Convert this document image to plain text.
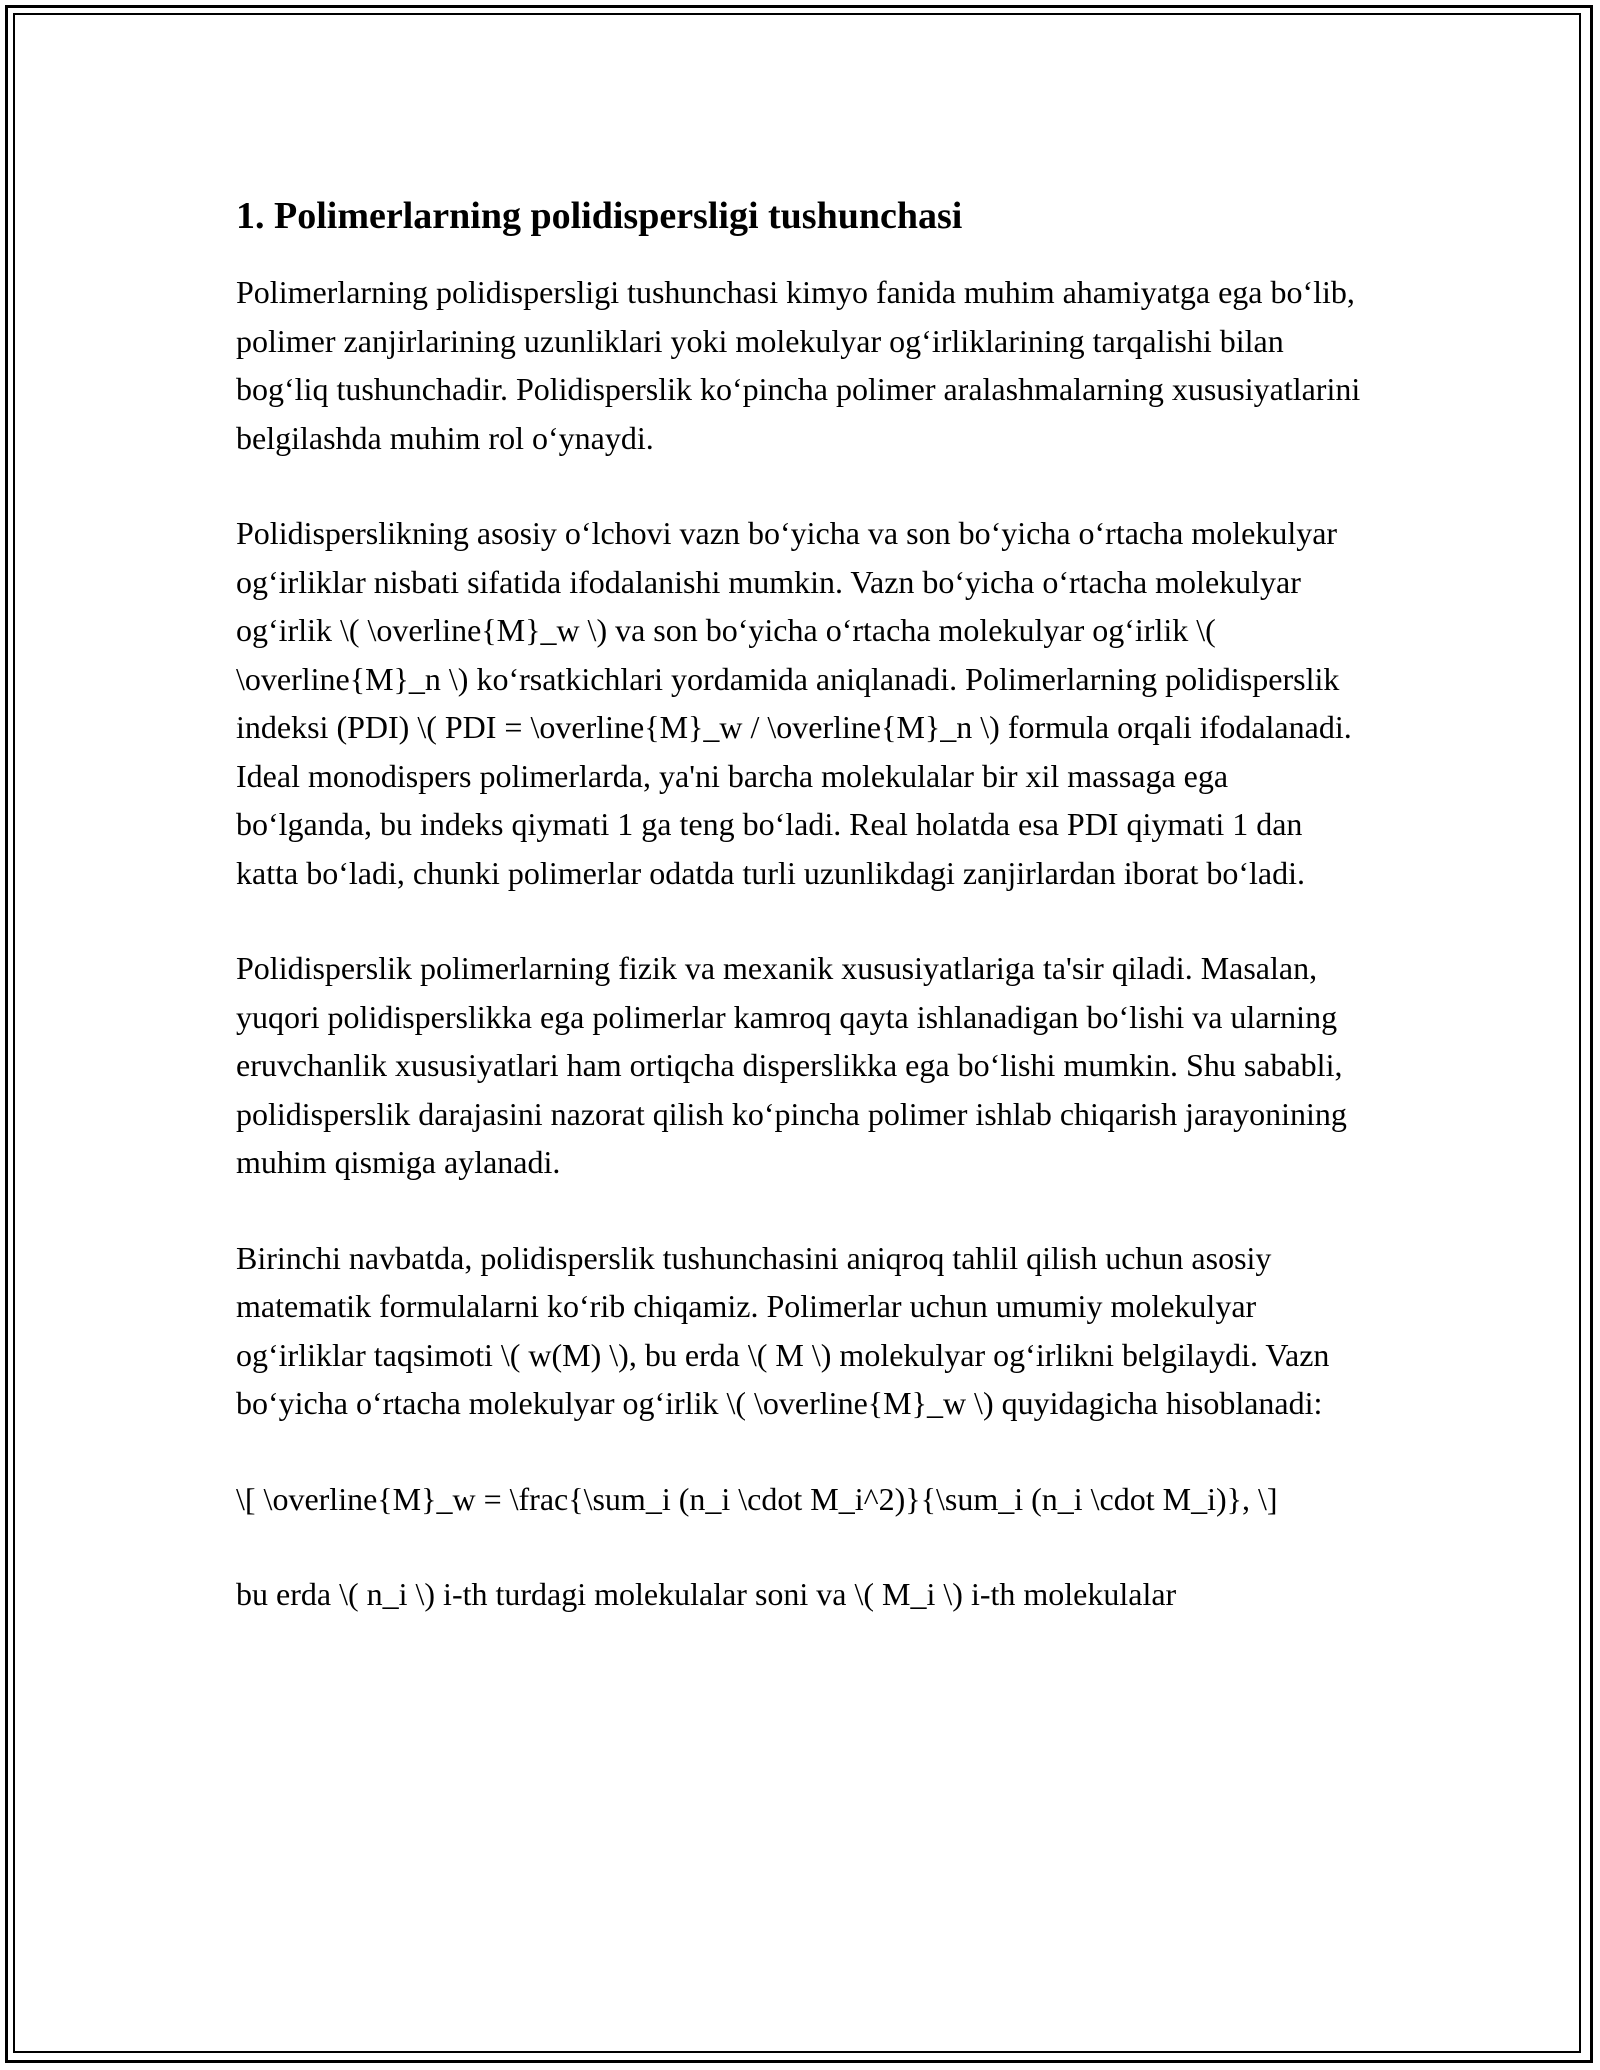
1. Polimerlarning polidispersligi tushunchasi

Polimerlarning polidispersligi tushunchasi kimyo fanida muhim ahamiyatga ega bo‘lib, polimer zanjirlarining uzunliklari yoki molekulyar og‘irliklarining tarqalishi bilan bog‘liq tushunchadir. Polidisperslik ko‘pincha polimer aralashmalarning xususiyatlarini belgilashda muhim rol o‘ynaydi.

Polidisperslikning asosiy o‘lchovi vazn bo‘yicha va son bo‘yicha o‘rtacha molekulyar og‘irliklar nisbati sifatida ifodalanishi mumkin. Vazn bo‘yicha o‘rtacha molekulyar og‘irlik \( \overline{M}_w \) va son bo‘yicha o‘rtacha molekulyar og‘irlik \( \overline{M}_n \) ko‘rsatkichlari yordamida aniqlanadi. Polimerlarning polidisperslik indeksi (PDI) \( PDI = \overline{M}_w / \overline{M}_n \) formula orqali ifodalanadi. Ideal monodispers polimerlarda, ya'ni barcha molekulalar bir xil massaga ega bo‘lganda, bu indeks qiymati 1 ga teng bo‘ladi. Real holatda esa PDI qiymati 1 dan katta bo‘ladi, chunki polimerlar odatda turli uzunlikdagi zanjirlardan iborat bo‘ladi.

Polidisperslik polimerlarning fizik va mexanik xususiyatlariga ta'sir qiladi. Masalan, yuqori polidisperslikka ega polimerlar kamroq qayta ishlanadigan bo‘lishi va ularning eruvchanlik xususiyatlari ham ortiqcha disperslikka ega bo‘lishi mumkin. Shu sababli, polidisperslik darajasini nazorat qilish ko‘pincha polimer ishlab chiqarish jarayonining muhim qismiga aylanadi.

Birinchi navbatda, polidisperslik tushunchasini aniqroq tahlil qilish uchun asosiy matematik formulalarni ko‘rib chiqamiz. Polimerlar uchun umumiy molekulyar og‘irliklar taqsimoti \( w(M) \), bu erda \( M \) molekulyar og‘irlikni belgilaydi. Vazn bo‘yicha o‘rtacha molekulyar og‘irlik \( \overline{M}_w \) quyidagicha hisoblanadi:

\[ \overline{M}_w = \frac{\sum_i (n_i \cdot M_i^2)}{\sum_i (n_i \cdot M_i)}, \]

bu erda \( n_i \) i-th turdagi molekulalar soni va \( M_i \) i-th molekulalar
